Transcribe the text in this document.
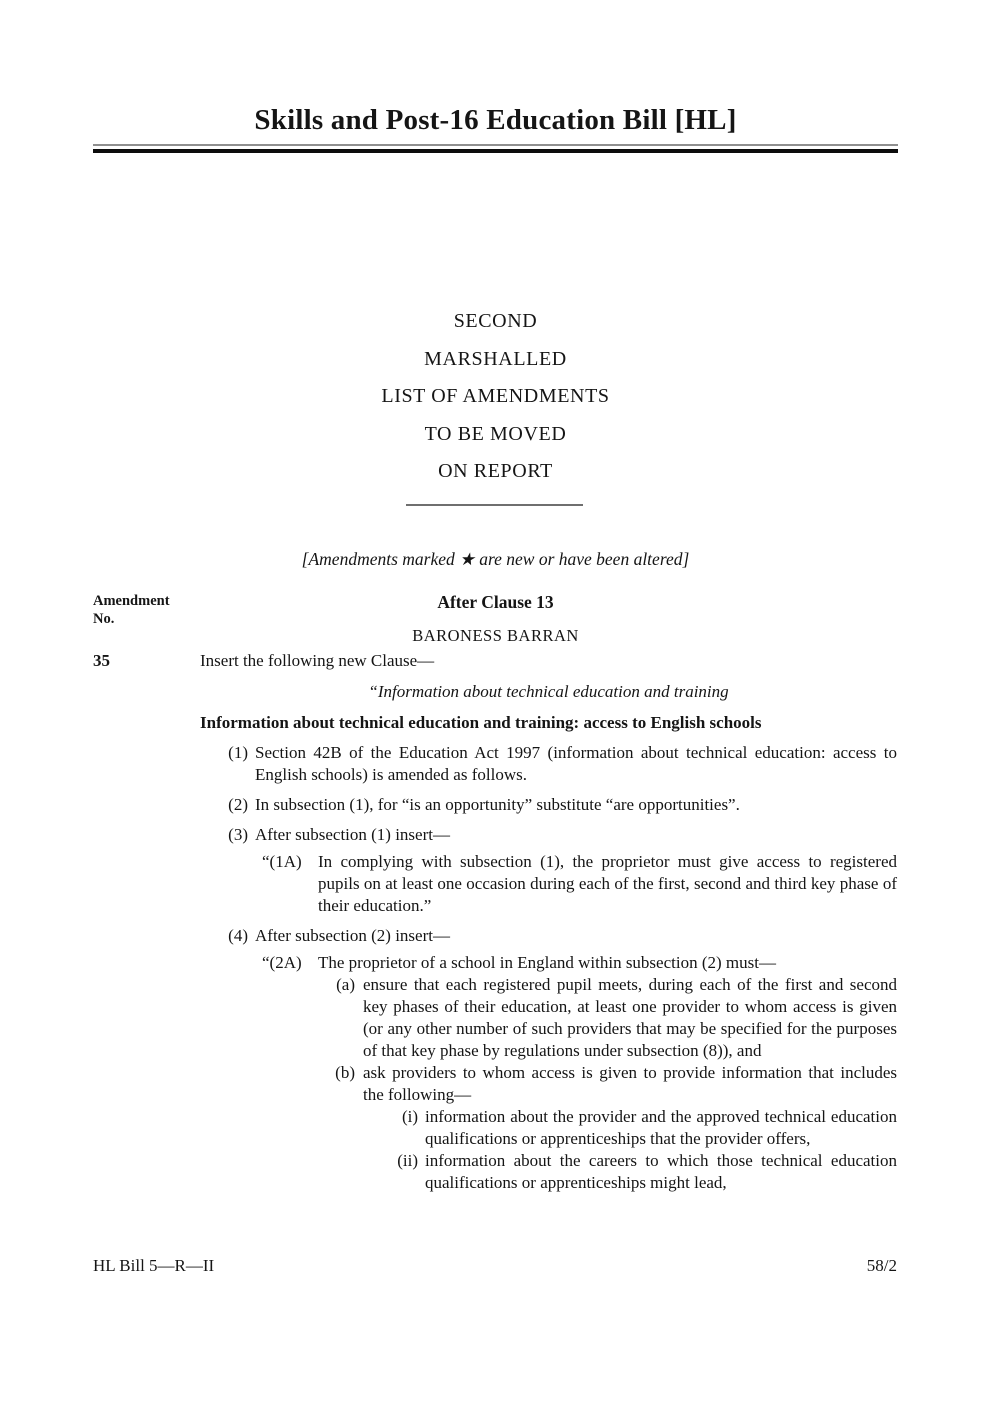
Skills and Post-16 Education Bill [HL]
SECOND
MARSHALLED
LIST OF AMENDMENTS
TO BE MOVED
ON REPORT
[Amendments marked ★ are new or have been altered]
Amendment
No.
After Clause 13
BARONESS BARRAN
35	Insert the following new Clause—
“Information about technical education and training
Information about technical education and training: access to English schools
(1) Section 42B of the Education Act 1997 (information about technical education: access to English schools) is amended as follows.
(2) In subsection (1), for “is an opportunity” substitute “are opportunities”.
(3) After subsection (1) insert—
“(1A) In complying with subsection (1), the proprietor must give access to registered pupils on at least one occasion during each of the first, second and third key phase of their education.”
(4) After subsection (2) insert—
“(2A) The proprietor of a school in England within subsection (2) must—
(a) ensure that each registered pupil meets, during each of the first and second key phases of their education, at least one provider to whom access is given (or any other number of such providers that may be specified for the purposes of that key phase by regulations under subsection (8)), and
(b) ask providers to whom access is given to provide information that includes the following—
(i) information about the provider and the approved technical education qualifications or apprenticeships that the provider offers,
(ii) information about the careers to which those technical education qualifications or apprenticeships might lead,
HL Bill 5—R—II	58/2
